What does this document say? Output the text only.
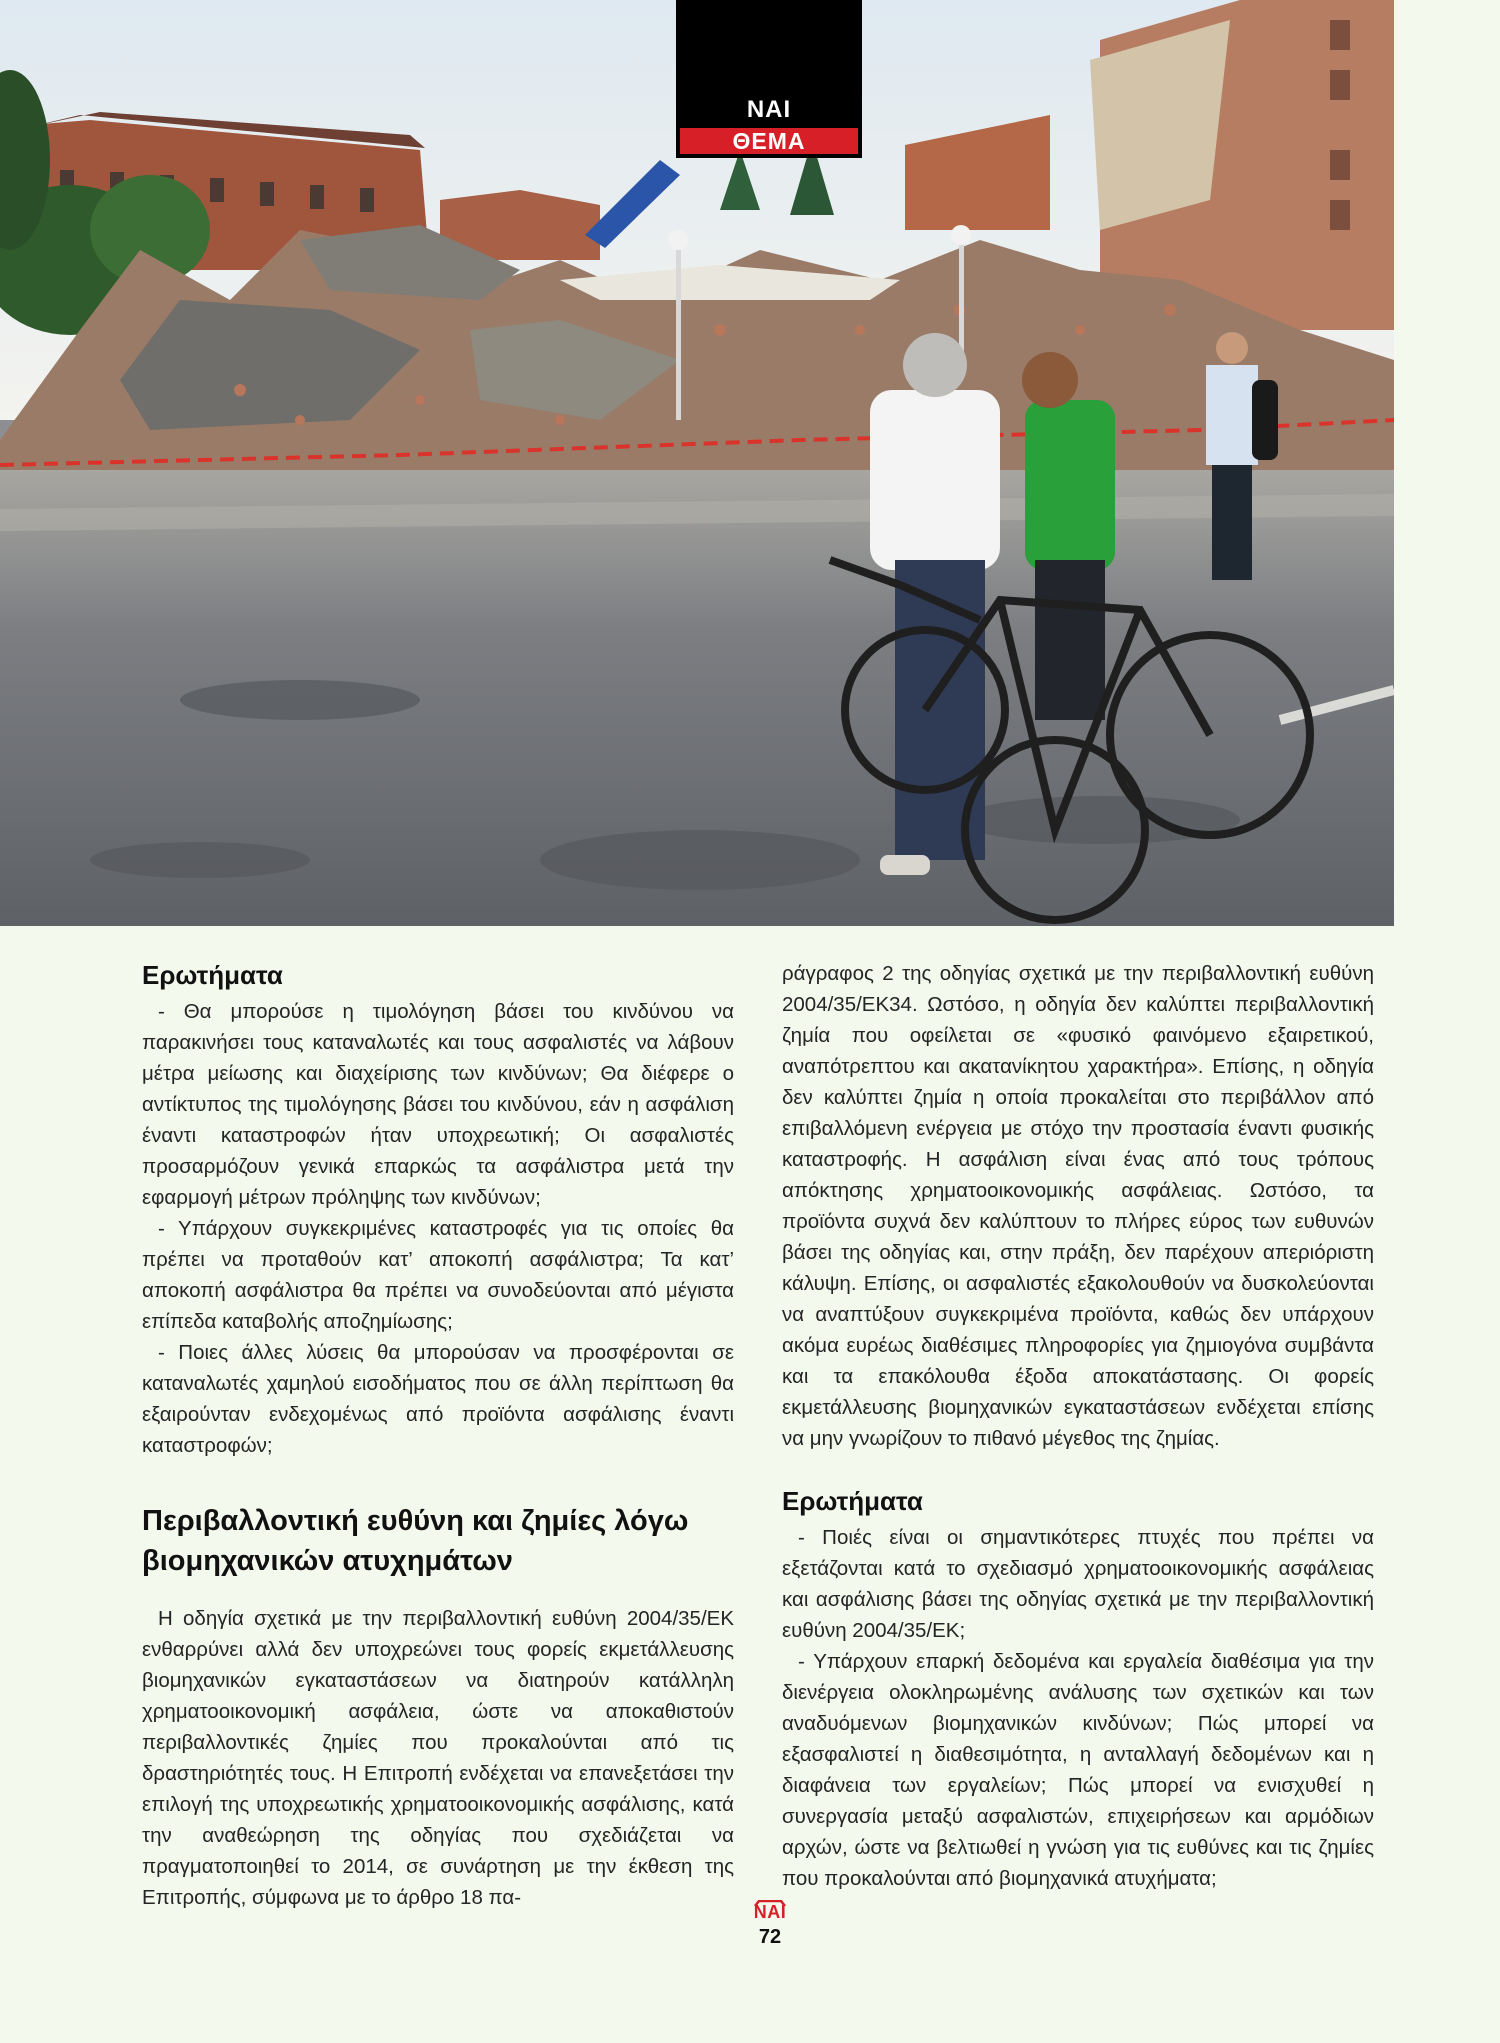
ΝΑΙ
ΘΕΜΑ
Ερωτήματα

- Θα μπορούσε η τιμολόγηση βάσει του κινδύνου να παρακινήσει τους καταναλωτές και τους ασφαλιστές να λάβουν μέτρα μείωσης και διαχείρισης των κινδύνων; Θα διέφερε ο αντίκτυπος της τιμολόγησης βάσει του κινδύνου, εάν η ασφάλιση έναντι καταστροφών ήταν υποχρεωτική; Οι ασφαλιστές προσαρμόζουν γενικά επαρκώς τα ασφάλιστρα μετά την εφαρμογή μέτρων πρόληψης των κινδύνων;

- Υπάρχουν συγκεκριμένες καταστροφές για τις οποίες θα πρέπει να προταθούν κατ’ αποκοπή ασφάλιστρα; Τα κατ’ αποκοπή ασφάλιστρα θα πρέπει να συνοδεύονται από μέγιστα επίπεδα καταβολής αποζημίωσης;

- Ποιες άλλες λύσεις θα μπορούσαν να προσφέρονται σε καταναλωτές χαμηλού εισοδήματος που σε άλλη περίπτωση θα εξαιρούνταν ενδεχομένως από προϊόντα ασφάλισης έναντι καταστροφών;

Περιβαλλοντική ευθύνη και ζημίες λόγω βιομηχανικών ατυχημάτων

Η οδηγία σχετικά με την περιβαλλοντική ευθύνη 2004/35/ΕΚ ενθαρρύνει αλλά δεν υποχρεώνει τους φορείς εκμετάλλευσης βιομηχανικών εγκαταστάσεων να διατηρούν κατάλληλη χρηματοοικονομική ασφάλεια, ώστε να αποκαθιστούν περιβαλλοντικές ζημίες που προκαλούνται από τις δραστηριότητές τους. Η Επιτροπή ενδέχεται να επανεξετάσει την επιλογή της υποχρεωτικής χρηματοοικονομικής ασφάλισης, κατά την αναθεώρηση της οδηγίας που σχεδιάζεται να πραγματοποιηθεί το 2014, σε συνάρτηση με την έκθεση της Επιτροπής, σύμφωνα με το άρθρο 18 πα-

ράγραφος 2 της οδηγίας σχετικά με την περιβαλλοντική ευθύνη 2004/35/ΕΚ34. Ωστόσο, η οδηγία δεν καλύπτει περιβαλλοντική ζημία που οφείλεται σε «φυσικό φαινόμενο εξαιρετικού, αναπότρεπτου και ακατανίκητου χαρακτήρα». Επίσης, η οδηγία δεν καλύπτει ζημία η οποία προκαλείται στο περιβάλλον από επιβαλλόμενη ενέργεια με στόχο την προστασία έναντι φυσικής καταστροφής. Η ασφάλιση είναι ένας από τους τρόπους απόκτησης χρηματοοικονομικής ασφάλειας. Ωστόσο, τα προϊόντα συχνά δεν καλύπτουν το πλήρες εύρος των ευθυνών βάσει της οδηγίας και, στην πράξη, δεν παρέχουν απεριόριστη κάλυψη. Επίσης, οι ασφαλιστές εξακολουθούν να δυσκολεύονται να αναπτύξουν συγκεκριμένα προϊόντα, καθώς δεν υπάρχουν ακόμα ευρέως διαθέσιμες πληροφορίες για ζημιογόνα συμβάντα και τα επακόλουθα έξοδα αποκατάστασης. Οι φορείς εκμετάλλευσης βιομηχανικών εγκαταστάσεων ενδέχεται επίσης να μην γνωρίζουν το πιθανό μέγεθος της ζημίας.

Ερωτήματα

- Ποιές είναι οι σημαντικότερες πτυχές που πρέπει να εξετάζονται κατά το σχεδιασμό χρηματοοικονομικής ασφάλειας και ασφάλισης βάσει της οδηγίας σχετικά με την περιβαλλοντική ευθύνη 2004/35/ΕΚ;

- Υπάρχουν επαρκή δεδομένα και εργαλεία διαθέσιμα για την διενέργεια ολοκληρωμένης ανάλυσης των σχετικών και των αναδυόμενων βιομηχανικών κινδύνων; Πώς μπορεί να εξασφαλιστεί η διαθεσιμότητα, η ανταλλαγή δεδομένων και η διαφάνεια των εργαλείων; Πώς μπορεί να ενισχυθεί η συνεργασία μεταξύ ασφαλιστών, επιχειρήσεων και αρμόδιων αρχών, ώστε να βελτιωθεί η γνώση για τις ευθύνες και τις ζημίες που προκαλούνται από βιομηχανικά ατυχήματα;

ΝΑΙ
72
